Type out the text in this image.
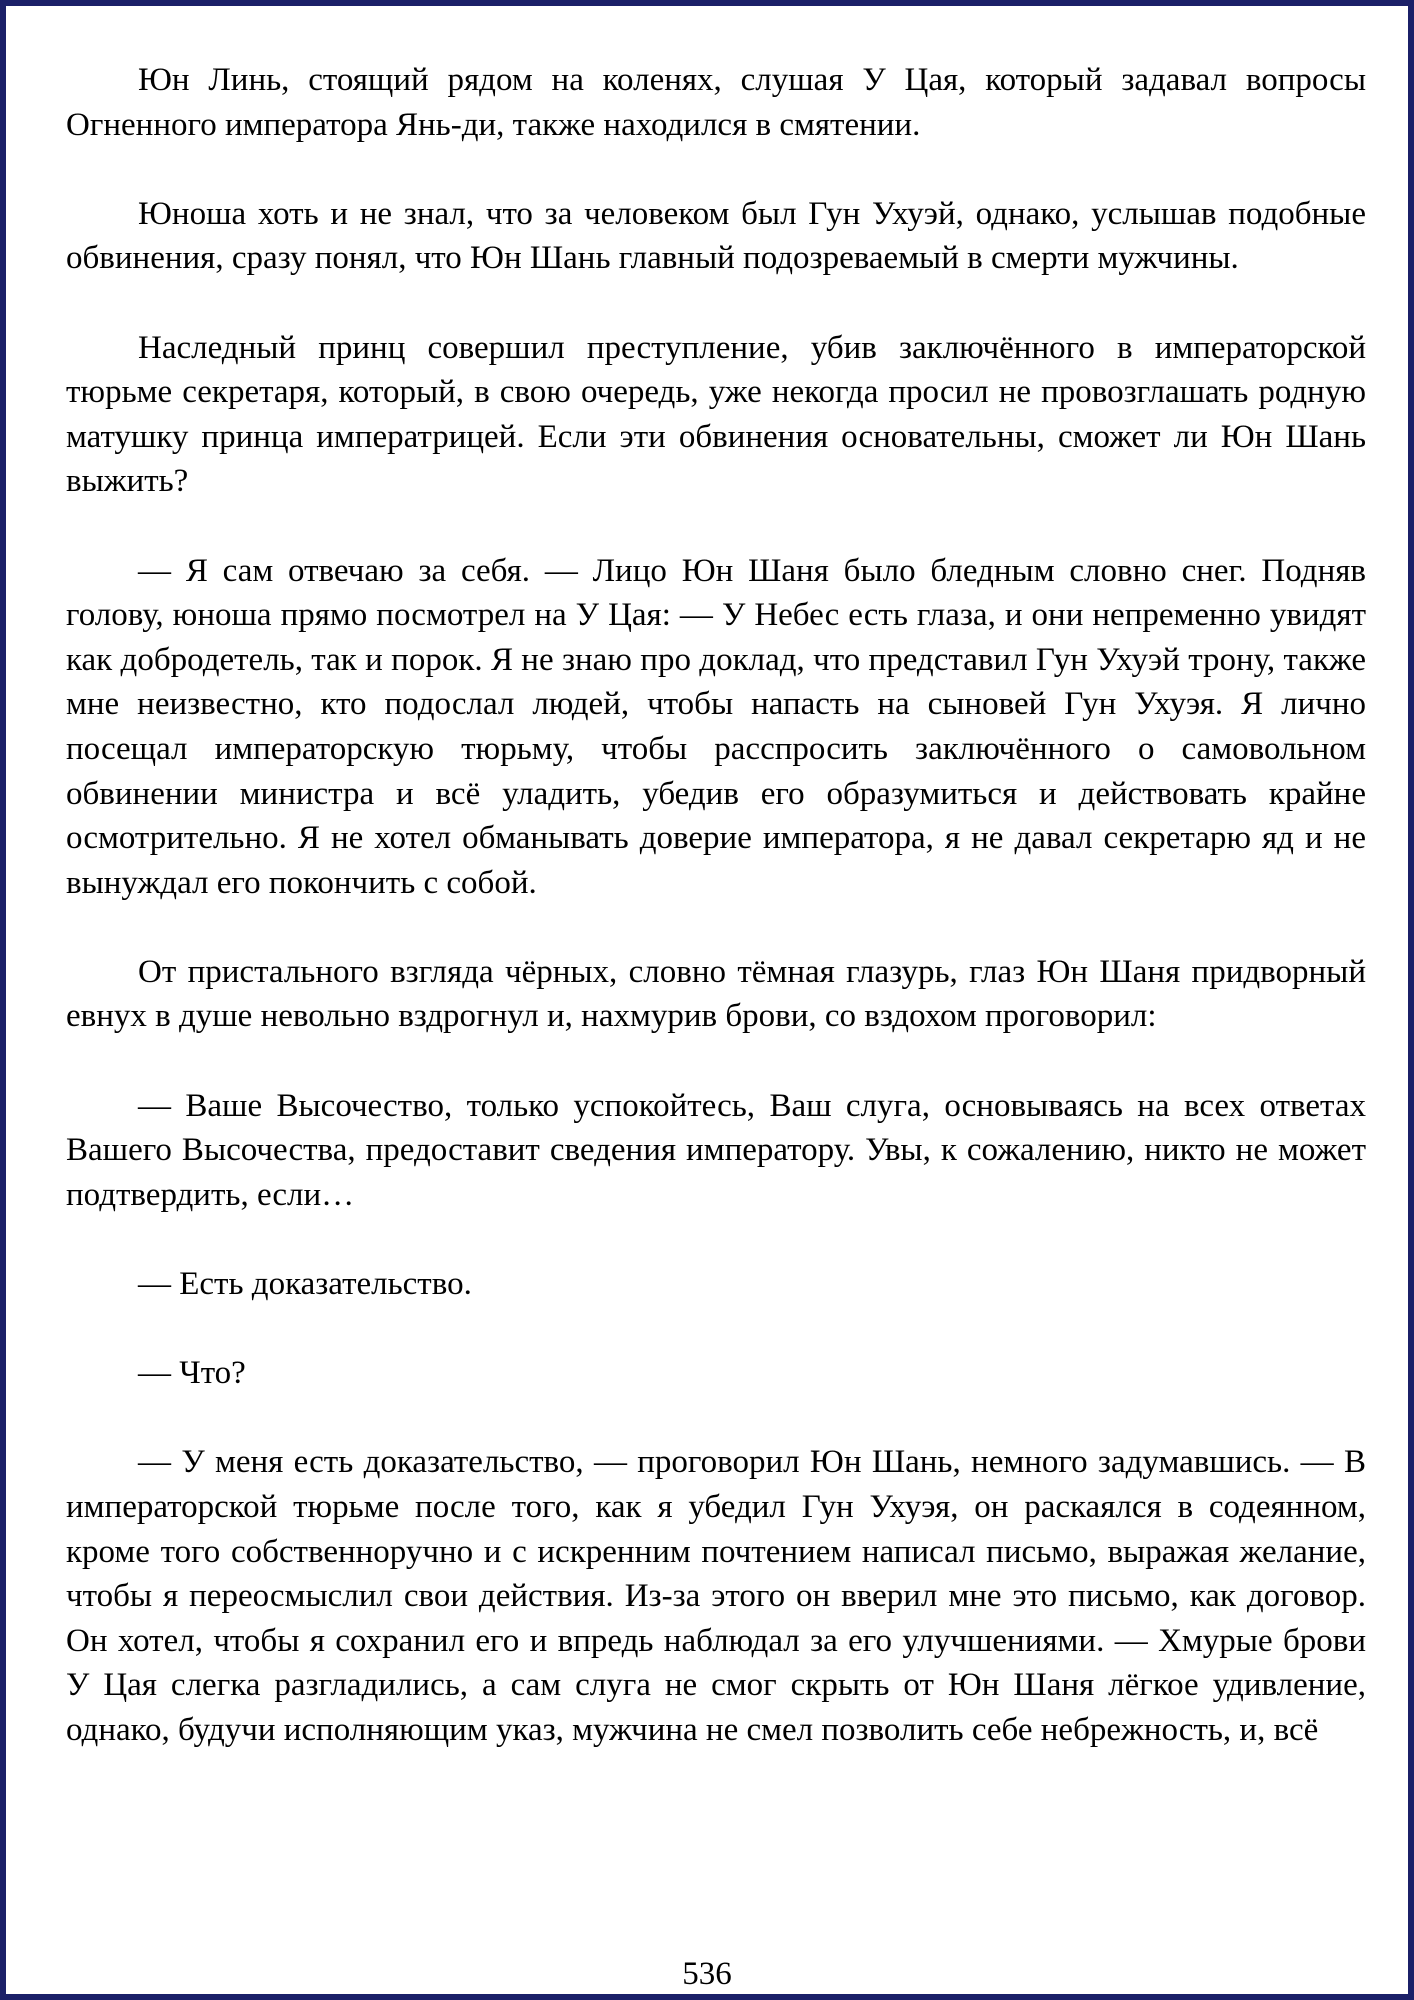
Юн Линь, стоящий рядом на коленях, слушая У Цая, который задавал вопросы Огненного императора Янь-ди, также находился в смятении.

Юноша хоть и не знал, что за человеком был Гун Ухуэй, однако, услышав подобные обвинения, сразу понял, что Юн Шань главный подозреваемый в смерти мужчины.

Наследный принц совершил преступление, убив заключённого в императорской тюрьме секретаря, который, в свою очередь, уже некогда просил не провозглашать родную матушку принца императрицей. Если эти обвинения основательны, сможет ли Юн Шань выжить?

— Я сам отвечаю за себя. — Лицо Юн Шаня было бледным словно снег. Подняв голову, юноша прямо посмотрел на У Цая: — У Небес есть глаза, и они непременно увидят как добродетель, так и порок. Я не знаю про доклад, что представил Гун Ухуэй трону, также мне неизвестно, кто подослал людей, чтобы напасть на сыновей Гун Ухуэя. Я лично посещал императорскую тюрьму, чтобы расспросить заключённого о самовольном обвинении министра и всё уладить, убедив его образумиться и действовать крайне осмотрительно. Я не хотел обманывать доверие императора, я не давал секретарю яд и не вынуждал его покончить с собой.

От пристального взгляда чёрных, словно тёмная глазурь, глаз Юн Шаня придворный евнух в душе невольно вздрогнул и, нахмурив брови, со вздохом проговорил:

— Ваше Высочество, только успокойтесь, Ваш слуга, основываясь на всех ответах Вашего Высочества, предоставит сведения императору. Увы, к сожалению, никто не может подтвердить, если…

— Есть доказательство.

— Что?

— У меня есть доказательство, — проговорил Юн Шань, немного задумавшись. — В императорской тюрьме после того, как я убедил Гун Ухуэя, он раскаялся в содеянном, кроме того собственноручно и с искренним почтением написал письмо, выражая желание, чтобы я переосмыслил свои действия. Из-за этого он вверил мне это письмо, как договор. Он хотел, чтобы я сохранил его и впредь наблюдал за его улучшениями. — Хмурые брови У Цая слегка разгладились, а сам слуга не смог скрыть от Юн Шаня лёгкое удивление, однако, будучи исполняющим указ, мужчина не смел позволить себе небрежность, и, всё

536
